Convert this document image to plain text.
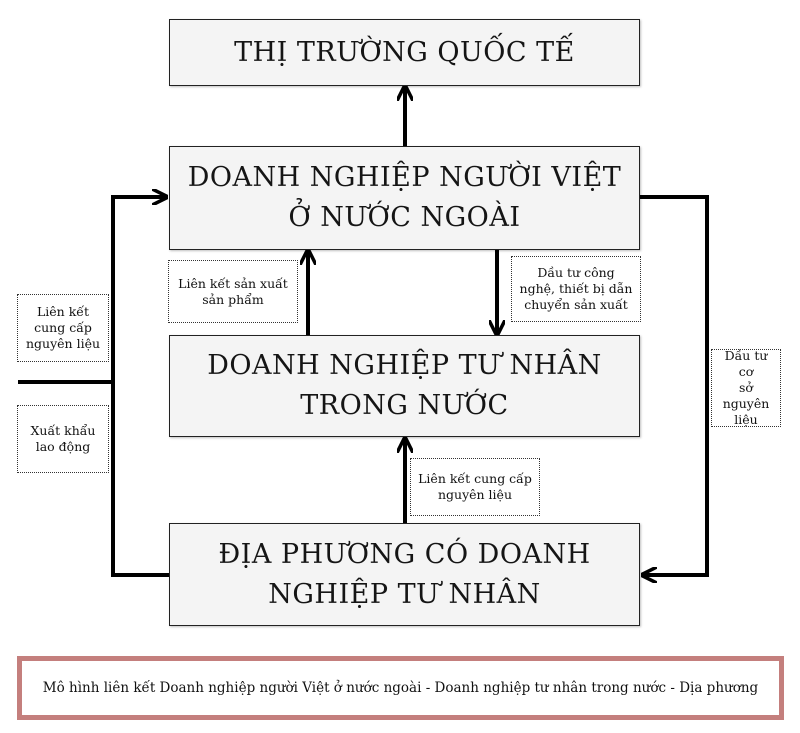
THỊ TRƯỜNG QUỐC TẾ
DOANH NGHIỆP NGƯỜI VIỆT
Ở NƯỚC NGOÀI
DOANH NGHIỆP TƯ NHÂN
TRONG NƯỚC
ĐỊA PHƯƠNG CÓ DOANH
NGHIỆP TƯ NHÂN
Liên kết sản xuất
sản phẩm
Dầu tư công
nghệ, thiết bị dẫn
chuyển sản xuất
Liên kết
cung cấp
nguyên liệu
Xuất khẩu
lao động
Dầu tư cơ
sở
nguyên
liệu
Liên kết cung cấp
nguyên liệu
Mô hình liên kết Doanh nghiệp người Việt ở nước ngoài - Doanh nghiệp tư nhân trong nước - Dịa phương
